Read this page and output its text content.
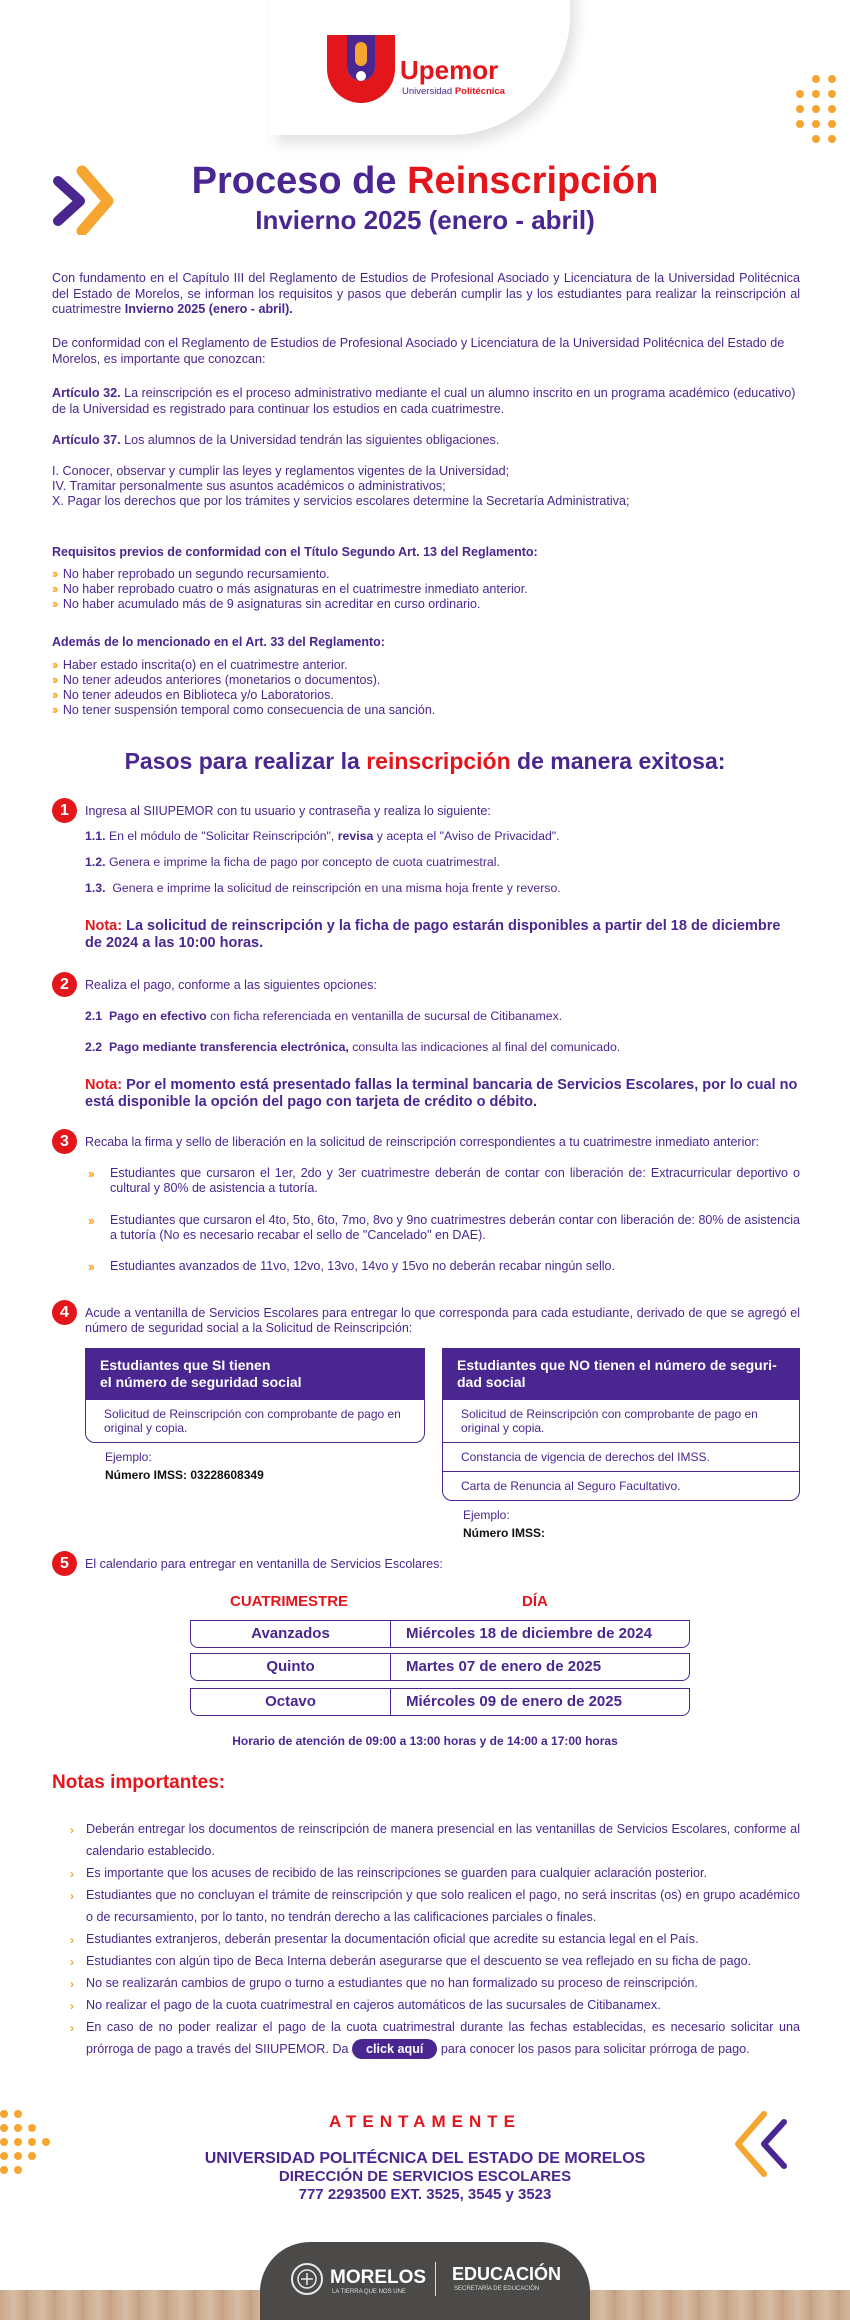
Upemor
Universidad Politécnica
Proceso de Reinscripción
Invierno 2025 (enero - abril)
Con fundamento en el Capítulo III del Reglamento de Estudios de Profesional Asociado y Licenciatura de la Universidad Politécnica del Estado de Morelos, se informan los requisitos y pasos que deberán cumplir las y los estudiantes para realizar la reinscripción al cuatrimestre Invierno 2025 (enero - abril).
De conformidad con el Reglamento de Estudios de Profesional Asociado y Licenciatura de la Universidad Politécnica del Estado de Morelos, es importante que conozcan:
Artículo 32. La reinscripción es el proceso administrativo mediante el cual un alumno inscrito en un programa académico (educativo) de la Universidad es registrado para continuar los estudios en cada cuatrimestre.
Artículo 37. Los alumnos de la Universidad tendrán las siguientes obligaciones.
I. Conocer, observar y cumplir las leyes y reglamentos vigentes de la Universidad;
IV. Tramitar personalmente sus asuntos académicos o administrativos;
X. Pagar los derechos que por los trámites y servicios escolares determine la Secretaría Administrativa;
Requisitos previos de conformidad con el Título Segundo Art. 13 del Reglamento:
›› No haber reprobado un segundo recursamiento.
›› No haber reprobado cuatro o más asignaturas en el cuatrimestre inmediato anterior.
›› No haber acumulado más de 9 asignaturas sin acreditar en curso ordinario.
Además de lo mencionado en el Art. 33 del Reglamento:
›› Haber estado inscrita(o) en el cuatrimestre anterior.
›› No tener adeudos anteriores (monetarios o documentos).
›› No tener adeudos en Biblioteca y/o Laboratorios.
›› No tener suspensión temporal como consecuencia de una sanción.
Pasos para realizar la reinscripción de manera exitosa:
1	Ingresa al SIIUPEMOR con tu usuario y contraseña y realiza lo siguiente:
1.1. En el módulo de "Solicitar Reinscripción", revisa y acepta el "Aviso de Privacidad".
1.2. Genera e imprime la ficha de pago por concepto de cuota cuatrimestral.
1.3. Genera e imprime la solicitud de reinscripción en una misma hoja frente y reverso.
Nota: La solicitud de reinscripción y la ficha de pago estarán disponibles a partir del 18 de diciembre de 2024 a las 10:00 horas.
2	Realiza el pago, conforme a las siguientes opciones:
2.1 Pago en efectivo con ficha referenciada en ventanilla de sucursal de Citibanamex.
2.2 Pago mediante transferencia electrónica, consulta las indicaciones al final del comunicado.
Nota: Por el momento está presentado fallas la terminal bancaria de Servicios Escolares, por lo cual no está disponible la opción del pago con tarjeta de crédito o débito.
3	Recaba la firma y sello de liberación en la solicitud de reinscripción correspondientes a tu cuatrimestre inmediato anterior:
›› Estudiantes que cursaron el 1er, 2do y 3er cuatrimestre deberán de contar con liberación de: Extracurricular deportivo o cultural y 80% de asistencia a tutoría.
›› Estudiantes que cursaron el 4to, 5to, 6to, 7mo, 8vo y 9no cuatrimestres deberán contar con liberación de: 80% de asistencia a tutoría (No es necesario recabar el sello de "Cancelado" en DAE).
›› Estudiantes avanzados de 11vo, 12vo, 13vo, 14vo y 15vo no deberán recabar ningún sello.
4	Acude a ventanilla de Servicios Escolares para entregar lo que corresponda para cada estudiante, derivado de que se agregó el número de seguridad social a la Solicitud de Reinscripción:
Estudiantes que SI tienen
el número de seguridad social
Solicitud de Reinscripción con comprobante de pago en original y copia.
Ejemplo:
Número IMSS: 03228608349
Estudiantes que NO tienen el número de seguri-
dad social
Solicitud de Reinscripción con comprobante de pago en original y copia.
Constancia de vigencia de derechos del IMSS.
Carta de Renuncia al Seguro Facultativo.
Ejemplo:
Número IMSS:
5	El calendario para entregar en ventanilla de Servicios Escolares:
CUATRIMESTRE	DÍA
Avanzados	Miércoles 18 de diciembre de 2024
Quinto	Martes 07 de enero de 2025
Octavo	Miércoles 09 de enero de 2025
Horario de atención de 09:00 a 13:00 horas y de 14:00 a 17:00 horas
Notas importantes:
› Deberán entregar los documentos de reinscripción de manera presencial en las ventanillas de Servicios Escolares, conforme al calendario establecido.
› Es importante que los acuses de recibido de las reinscripciones se guarden para cualquier aclaración posterior.
› Estudiantes que no concluyan el trámite de reinscripción y que solo realicen el pago, no será inscritas (os) en grupo académico o de recursamiento, por lo tanto, no tendrán derecho a las calificaciones parciales o finales.
› Estudiantes extranjeros, deberán presentar la documentación oficial que acredite su estancia legal en el País.
› Estudiantes con algún tipo de Beca Interna deberán asegurarse que el descuento se vea reflejado en su ficha de pago.
› No se realizarán cambios de grupo o turno a estudiantes que no han formalizado su proceso de reinscripción.
› No realizar el pago de la cuota cuatrimestral en cajeros automáticos de las sucursales de Citibanamex.
› En caso de no poder realizar el pago de la cuota cuatrimestral durante las fechas establecidas, es necesario solicitar una prórroga de pago a través del SIIUPEMOR. Da click aquí para conocer los pasos para solicitar prórroga de pago.
ATENTAMENTE
UNIVERSIDAD POLITÉCNICA DEL ESTADO DE MORELOS
DIRECCIÓN DE SERVICIOS ESCOLARES
777 2293500 EXT. 3525, 3545 y 3523
MORELOS
LA TIERRA QUE NOS UNE
EDUCACIÓN
SECRETARÍA DE EDUCACIÓN
